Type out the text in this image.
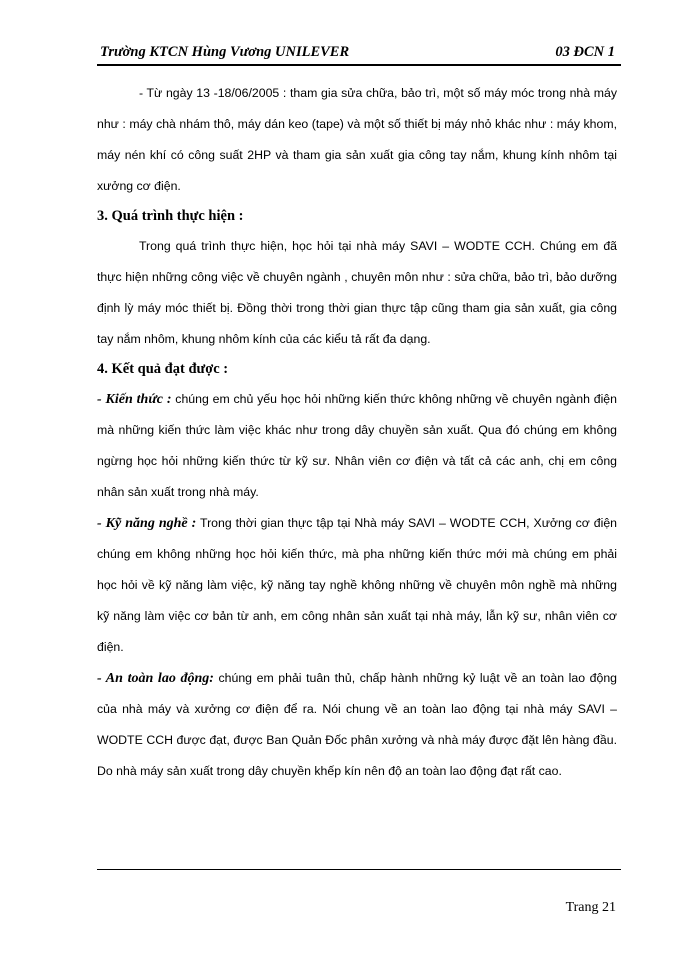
Trường KTCN Hùng Vương UNILEVER	03 ĐCN 1

- Từ ngày 13 -18/06/2005 : tham gia sửa chữa, bảo trì, một số máy móc trong nhà máy như : máy chà nhám thô, máy dán keo (tape) và một số thiết bị máy nhỏ khác như : máy khom, máy nén khí có công suất 2HP và tham gia sản xuất gia công tay nắm, khung kính nhôm tại xưởng cơ điện.

3. Quá trình thực hiện :

Trong quá trình thực hiện, học hỏi tại nhà máy SAVI – WODTE CCH. Chúng em đã thực hiện những công việc về chuyên ngành , chuyên môn như : sửa chữa, bảo trì, bảo dưỡng định lỳ máy móc thiết bị. Đồng thời trong thời gian thực tập cũng tham gia sản xuất, gia công tay nắm nhôm, khung nhôm kính của các kiểu tả rất đa dạng.

4. Kết quả đạt được :

- Kiến thức : chúng em chủ yếu học hỏi những kiến thức không những về chuyên ngành điện mà những kiến thức làm việc khác như trong dây chuyền sản xuất. Qua đó chúng em không ngừng học hỏi những kiến thức từ kỹ sư. Nhân viên cơ điện và tất cả các anh, chị em công nhân sản xuất trong nhà máy.

- Kỹ năng nghề : Trong thời gian thực tập tại Nhà máy SAVI – WODTE CCH, Xưởng cơ điện chúng em không những học hỏi kiến thức, mà pha những kiến thức mới mà chúng em phải học hỏi về kỹ năng làm việc, kỹ năng tay nghề không những về chuyên môn nghề mà những kỹ năng làm việc cơ bản từ anh, em công nhân sản xuất tại nhà máy, lẫn kỹ sư, nhân viên cơ điện.

- An toàn lao động: chúng em phải tuân thủ, chấp hành những kỷ luật về an toàn lao động của nhà máy và xưởng cơ điện để ra. Nói chung về an toàn lao động tại nhà máy SAVI – WODTE CCH được đạt, được Ban Quản Đốc phân xưởng và nhà máy được đặt lên hàng đầu. Do nhà máy sản xuất trong dây chuyền khếp kín nên độ an toàn lao động đạt rất cao.

Trang 21
